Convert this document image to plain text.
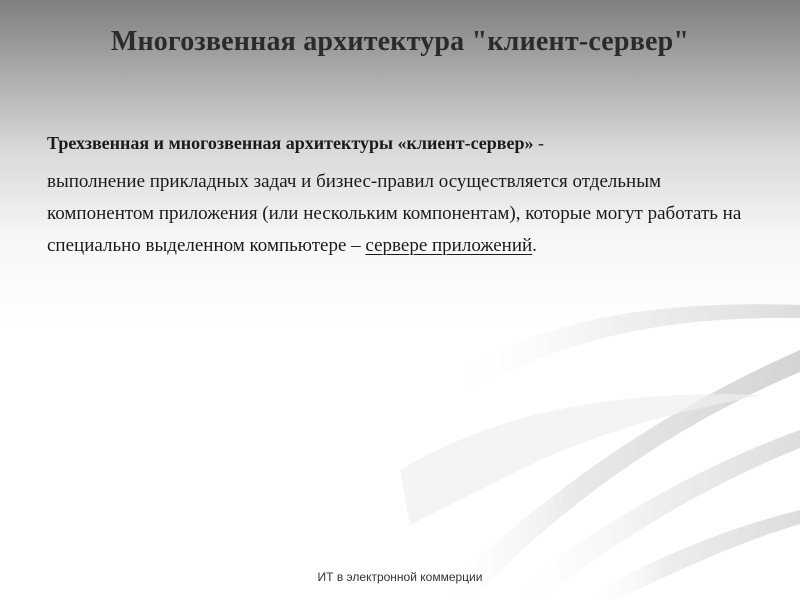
Многозвенная архитектура "клиент-сервер"

Трехзвенная и многозвенная архитектуры «клиент-сервер» -

выполнение прикладных задач и бизнес-правил осуществляется отдельным компонентом приложения (или нескольким компонентам), которые могут работать на специально выделенном компьютере – сервере приложений.

ИТ в электронной коммерции
